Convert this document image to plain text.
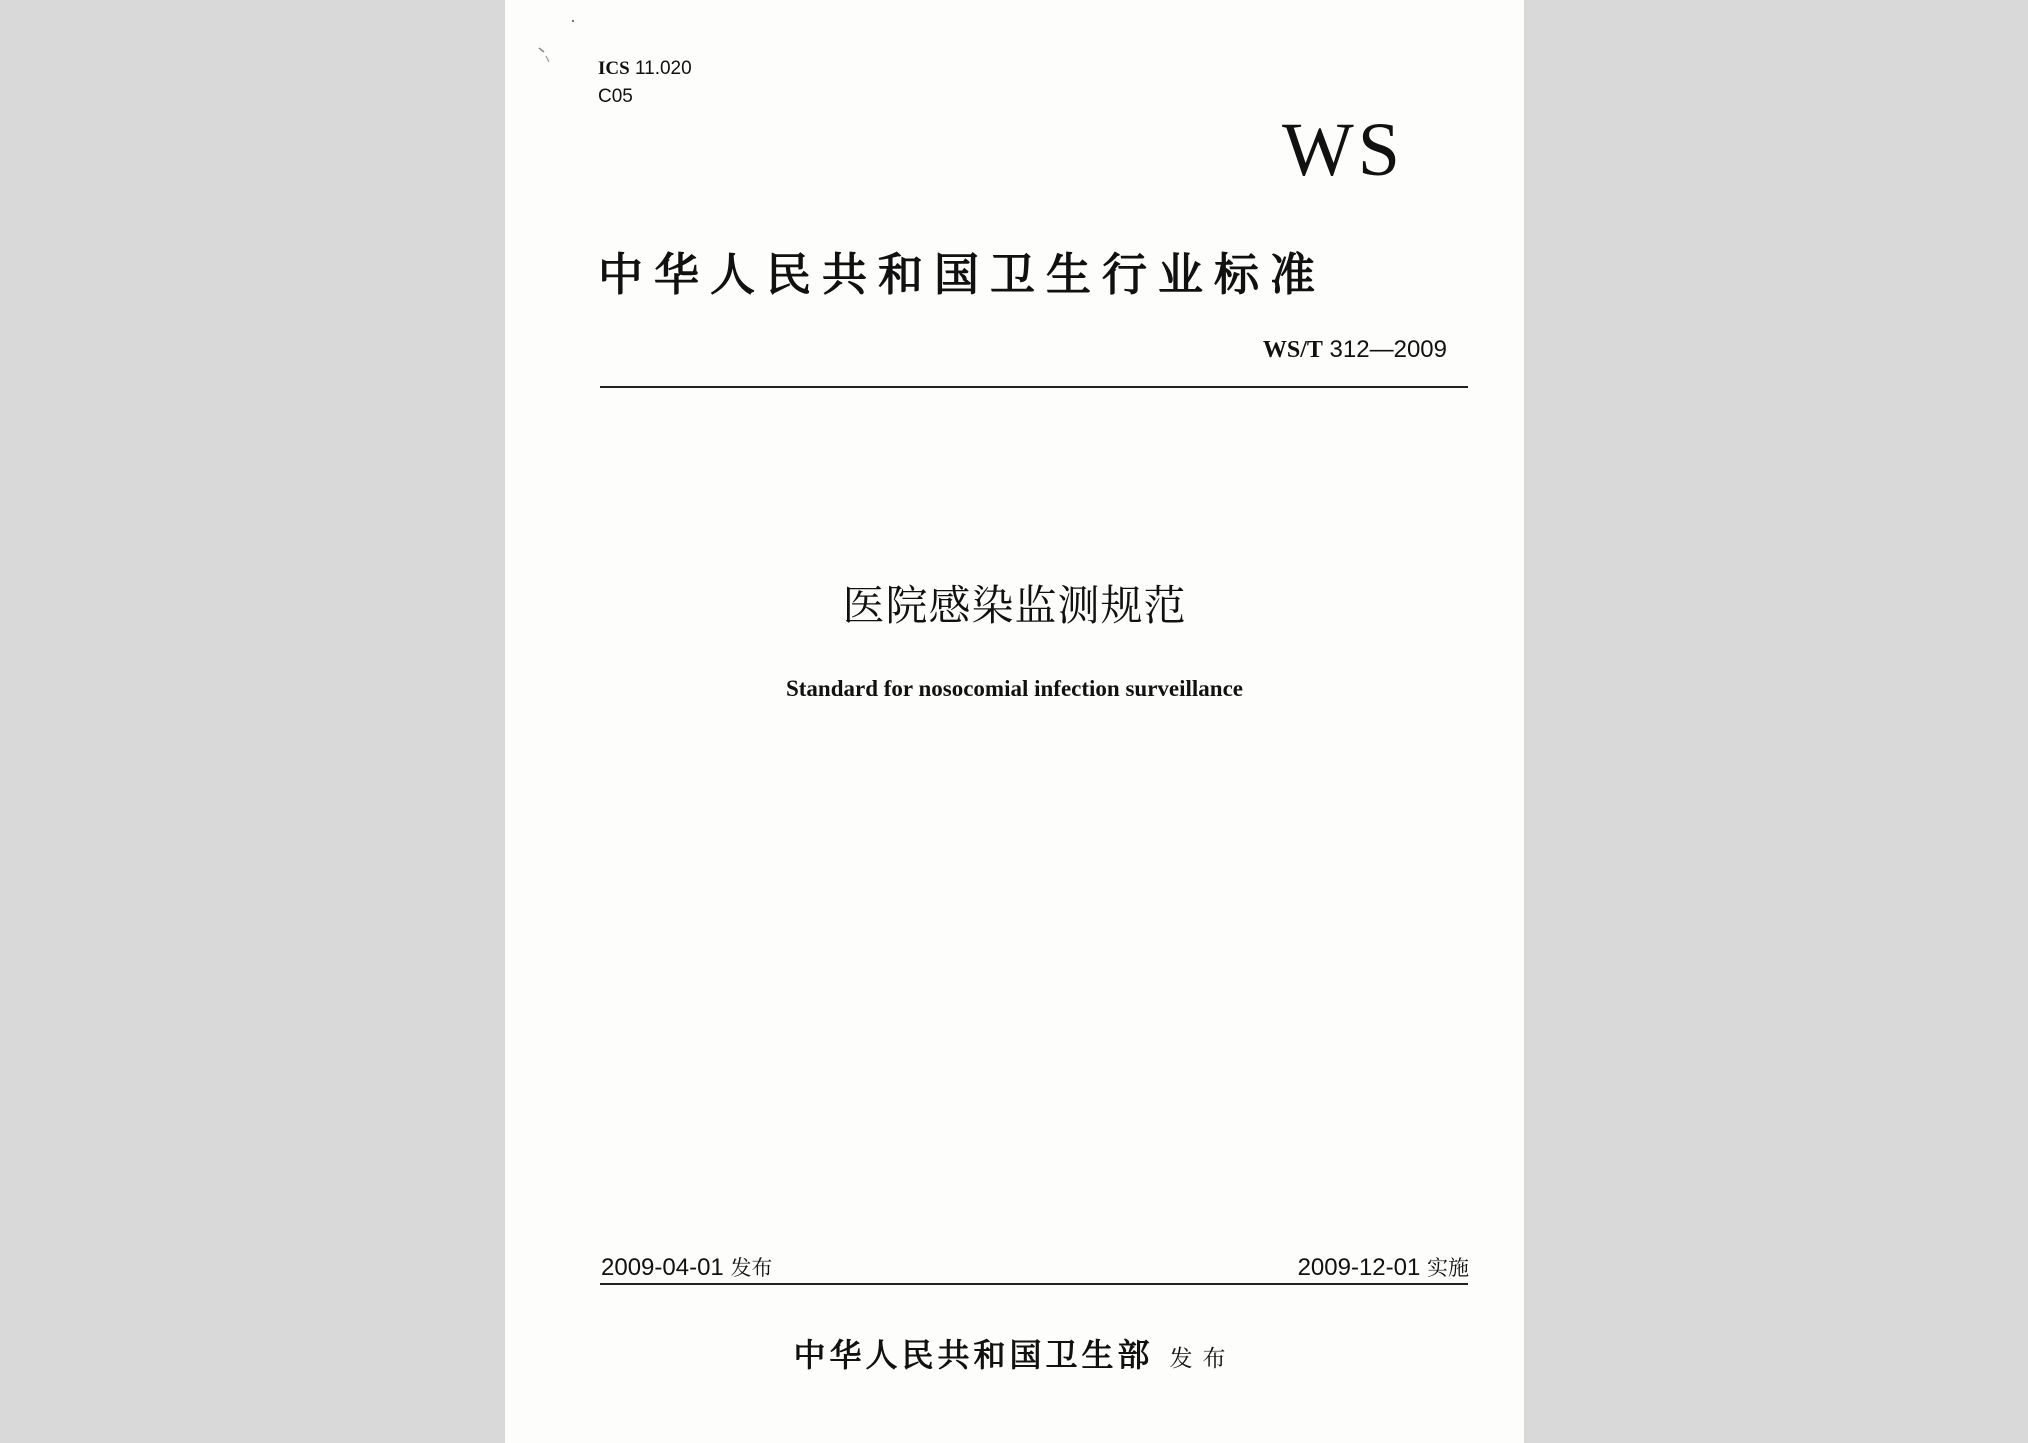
ICS 11.020
C05
WS
中华人民共和国卫生行业标准
WS/T 312—2009
医院感染监测规范
Standard for nosocomial infection surveillance
2009-04-01 发布	2009-12-01 实施
中华人民共和国卫生部 发布
